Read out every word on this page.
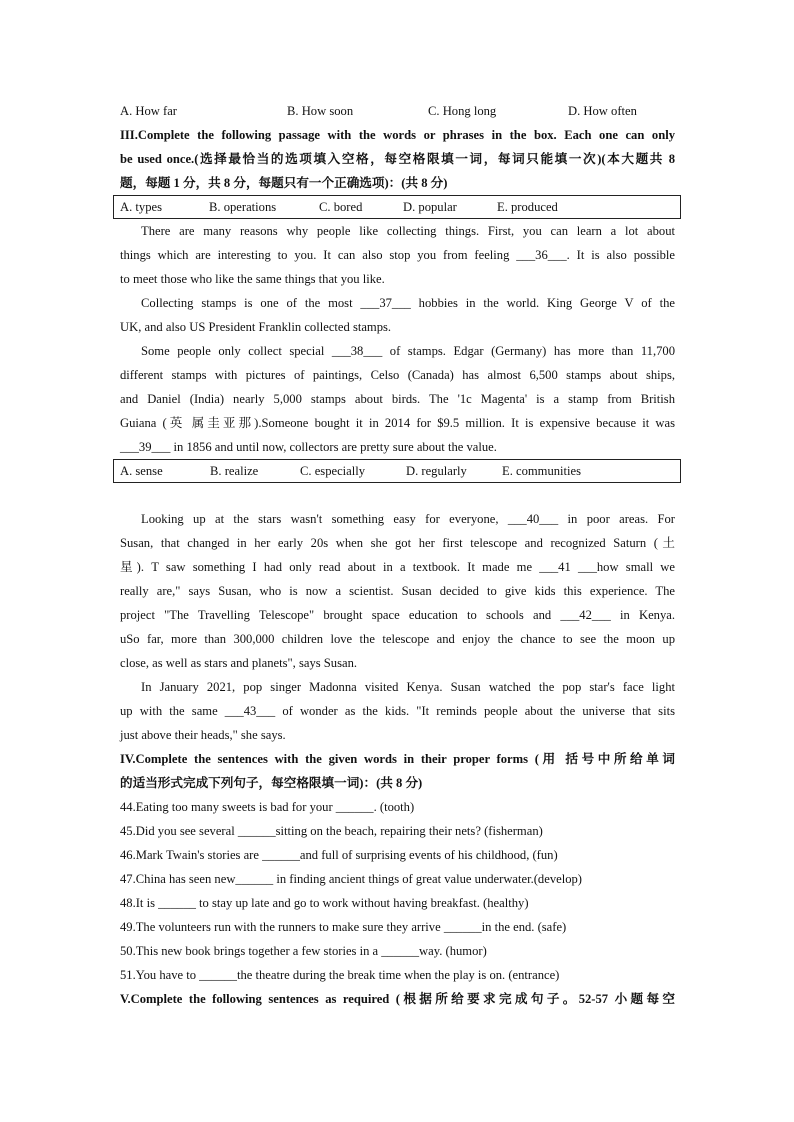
A. How far	B. How soon	C. Hong long	D. How often
III.Complete the following passage with the words or phrases in the box. Each one can only
be used once.(选择最恰当的选项填入空格，每空格限填一词，每词只能填一次)(本大题共 8
题，每题 1 分，共 8 分，每题只有一个正确选项)：(共 8 分)
A. types	B. operations	C. bored	D. popular	E. produced
There are many reasons why people like collecting things. First, you can learn a lot about
things which are interesting to you. It can also stop you from feeling ___36___. It is also possible
to meet those who like the same things that you like.
Collecting stamps is one of the most ___37___ hobbies in the world. King George V of the
UK, and also US President Franklin collected stamps.
Some people only collect special ___38___ of stamps. Edgar (Germany) has more than 11,700
different stamps with pictures of paintings, Celso (Canada) has almost 6,500 stamps about ships,
and Daniel (India) nearly 5,000 stamps about birds. The '1c Magenta' is a stamp from British
Guiana (英 属圭亚那).Someone bought it in 2014 for $9.5 million. It is expensive because it was
___39___ in 1856 and until now, collectors are pretty sure about the value.
A. sense	B. realize	C. especially	D. regularly	E. communities
Looking up at the stars wasn't something easy for everyone, ___40___ in poor areas. For
Susan, that changed in her early 20s when she got her first telescope and recognized Saturn (土
星). T saw something I had only read about in a textbook. It made me ___41 ___how small we
really are," says Susan, who is now a scientist. Susan decided to give kids this experience. The
project "The Travelling Telescope" brought space education to schools and ___42___ in Kenya.
uSo far, more than 300,000 children love the telescope and enjoy the chance to see the moon up
close, as well as stars and planets", says Susan.
In January 2021, pop singer Madonna visited Kenya. Susan watched the pop star's face light
up with the same ___43___ of wonder as the kids. "It reminds people about the universe that sits
just above their heads," she says.
IV.Complete the sentences with the given words in their proper forms (用 括号中所给单词
的适当形式完成下列句子，每空格限填一词)：(共 8 分)
44.Eating too many sweets is bad for your ______. (tooth)
45.Did you see several ______sitting on the beach, repairing their nets? (fisherman)
46.Mark Twain's stories are ______and full of surprising events of his childhood, (fun)
47.China has seen new______ in finding ancient things of great value underwater.(develop)
48.It is ______ to stay up late and go to work without having breakfast. (healthy)
49.The volunteers run with the runners to make sure they arrive ______in the end. (safe)
50.This new book brings together a few stories in a ______way. (humor)
51.You have to ______the theatre during the break time when the play is on. (entrance)
V.Complete the following sentences as required (根据所给要求完成句子。52-57 小题每空
